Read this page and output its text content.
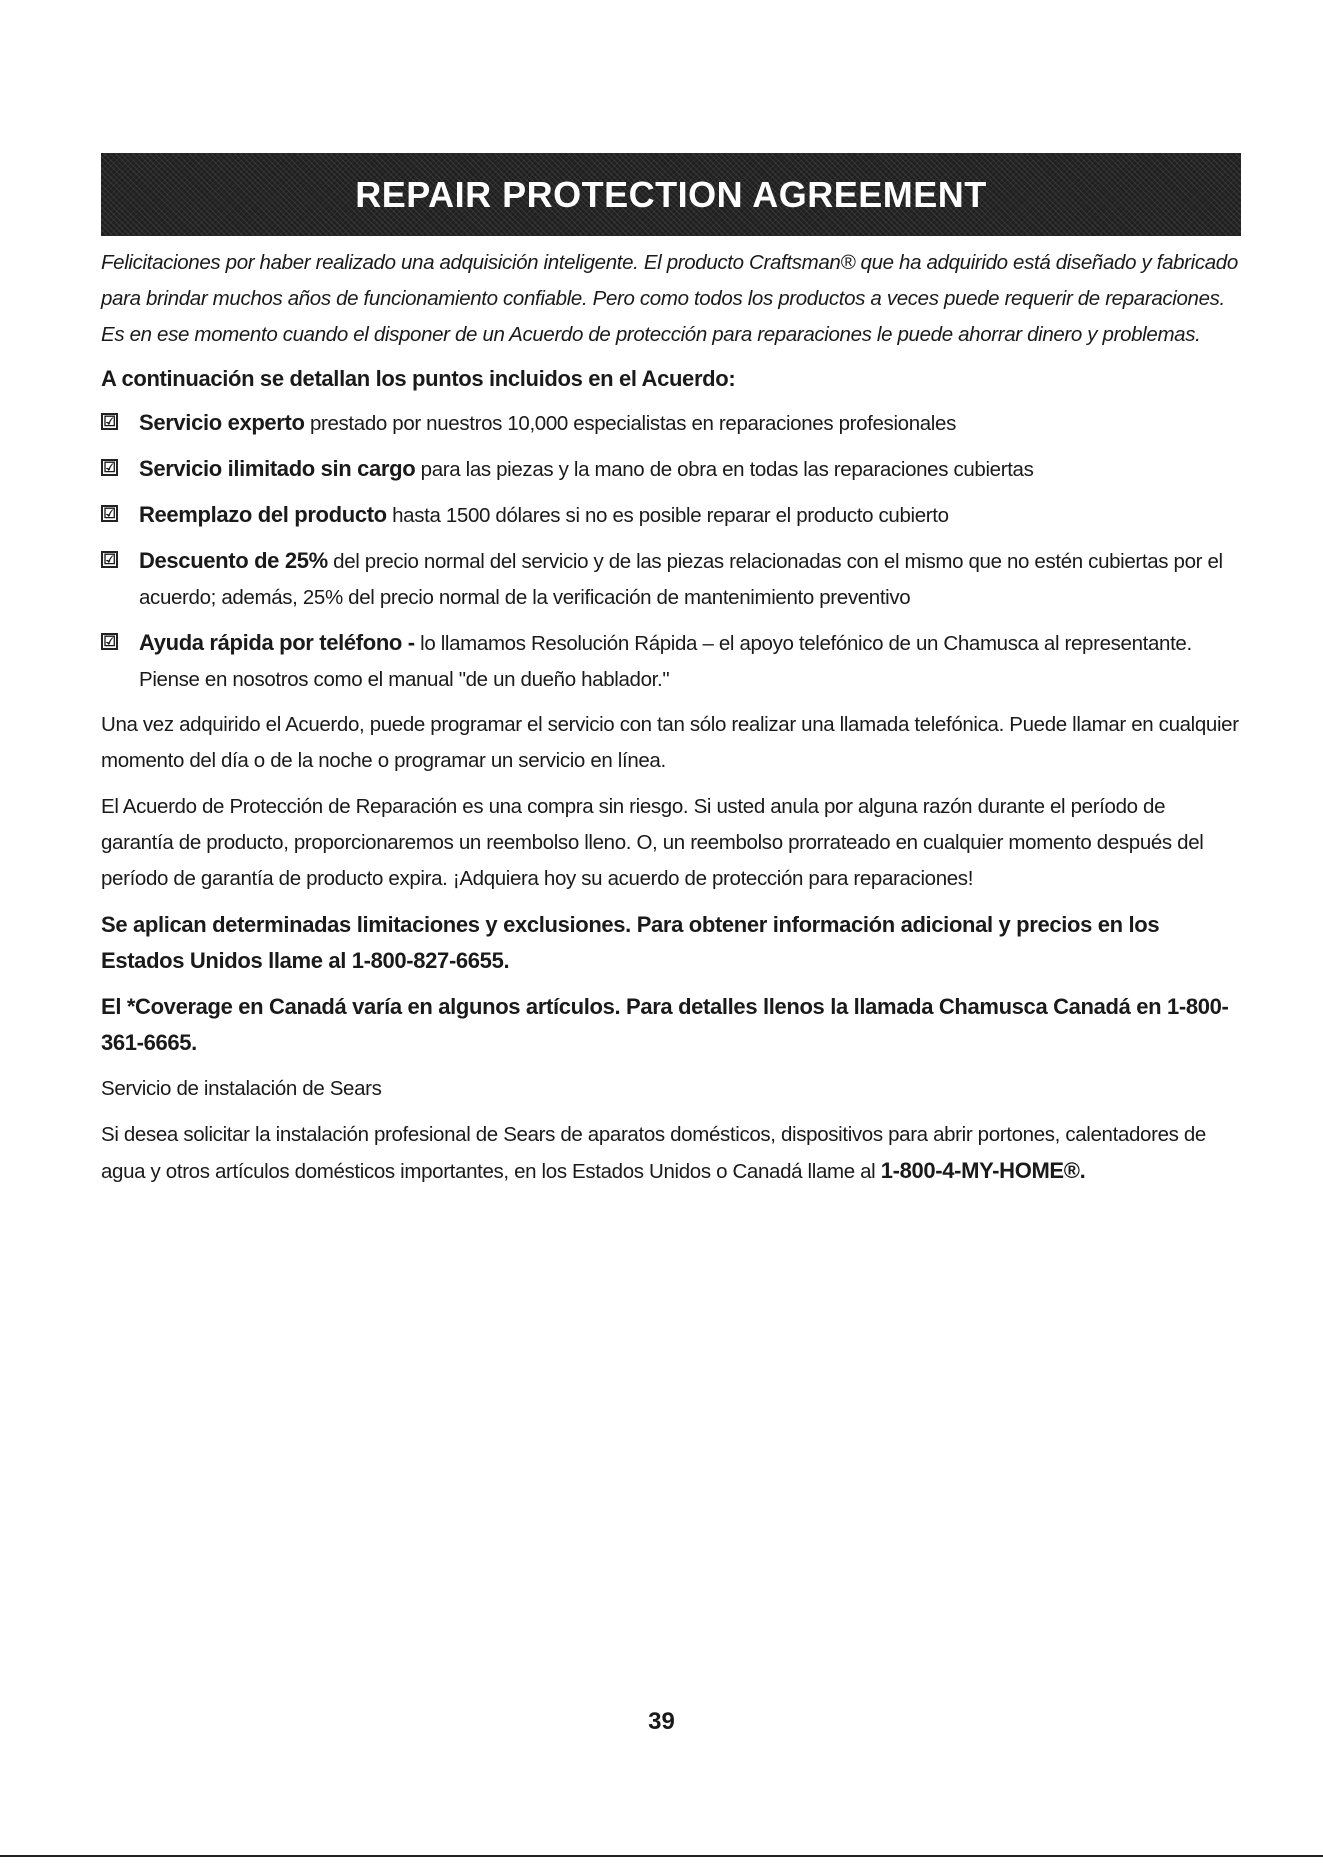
REPAIR PROTECTION AGREEMENT

Felicitaciones por haber realizado una adquisición inteligente. El producto Craftsman® que ha adquirido está diseñado y fabricado para brindar muchos años de funcionamiento confiable. Pero como todos los productos a veces puede requerir de reparaciones. Es en ese momento cuando el disponer de un Acuerdo de protección para reparaciones le puede ahorrar dinero y problemas.

A continuación se detallan los puntos incluidos en el Acuerdo:

☑ Servicio experto prestado por nuestros 10,000 especialistas en reparaciones profesionales
☑ Servicio ilimitado sin cargo para las piezas y la mano de obra en todas las reparaciones cubiertas
☑ Reemplazo del producto hasta 1500 dólares si no es posible reparar el producto cubierto
☑ Descuento de 25% del precio normal del servicio y de las piezas relacionadas con el mismo que no estén cubiertas por el acuerdo; además, 25% del precio normal de la verificación de mantenimiento preventivo
☑ Ayuda rápida por teléfono - lo llamamos Resolución Rápida – el apoyo telefónico de un Chamusca al representante. Piense en nosotros como el manual "de un dueño hablador."

Una vez adquirido el Acuerdo, puede programar el servicio con tan sólo realizar una llamada telefónica. Puede llamar en cualquier momento del día o de la noche o programar un servicio en línea.

El Acuerdo de Protección de Reparación es una compra sin riesgo. Si usted anula por alguna razón durante el período de garantía de producto, proporcionaremos un reembolso lleno. O, un reembolso prorrateado en cualquier momento después del período de garantía de producto expira. ¡Adquiera hoy su acuerdo de protección para reparaciones!

Se aplican determinadas limitaciones y exclusiones. Para obtener información adicional y precios en los Estados Unidos llame al 1-800-827-6655.

El *Coverage en Canadá varía en algunos artículos. Para detalles llenos la llamada Chamusca Canadá en 1-800-361-6665.

Servicio de instalación de Sears

Si desea solicitar la instalación profesional de Sears de aparatos domésticos, dispositivos para abrir portones, calentadores de agua y otros artículos domésticos importantes, en los Estados Unidos o Canadá llame al 1-800-4-MY-HOME®.

39
